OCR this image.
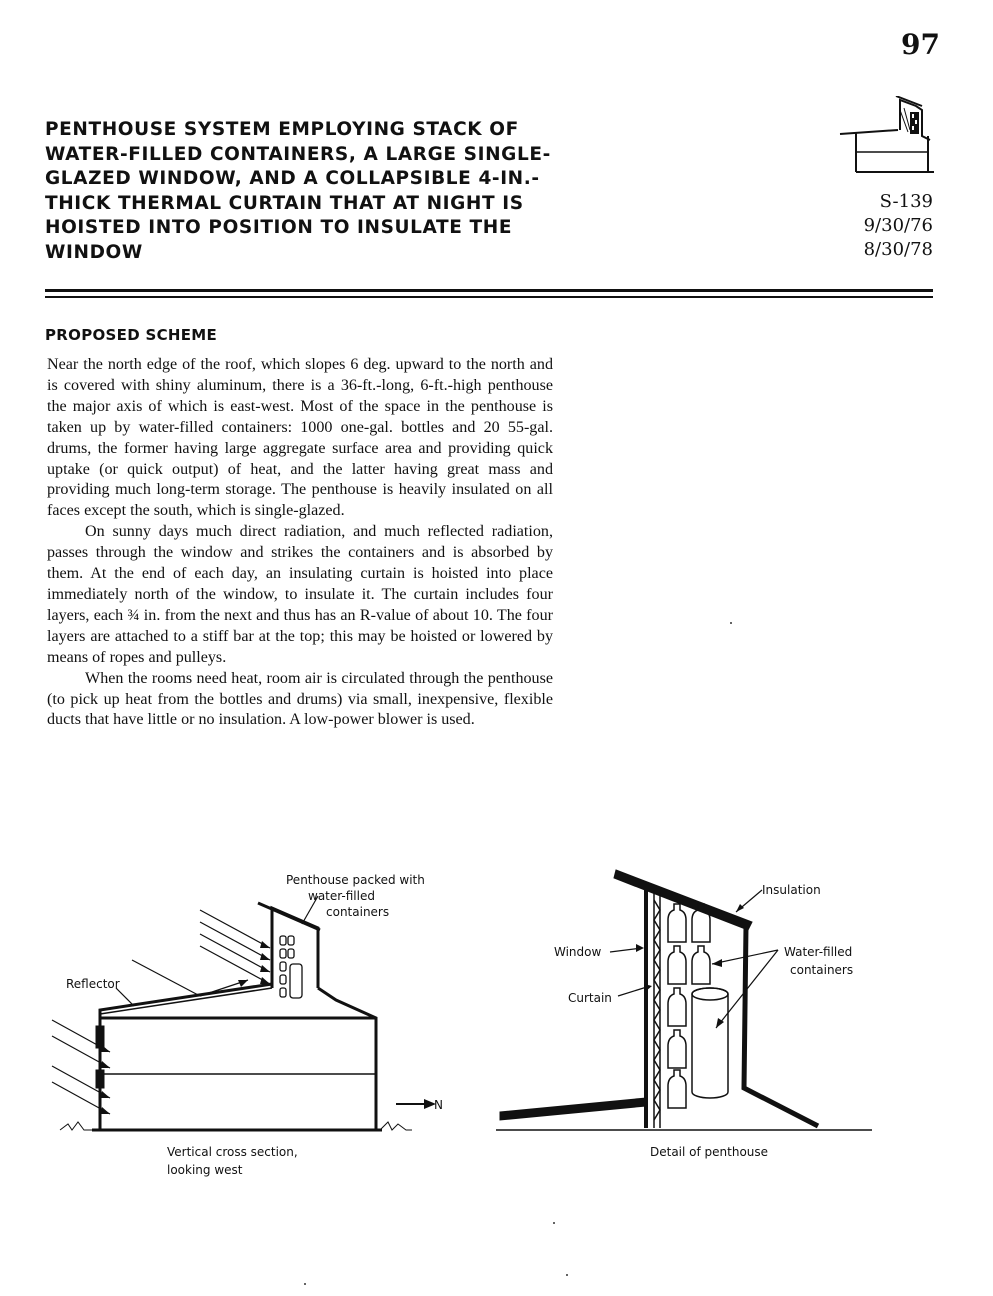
97
PENTHOUSE SYSTEM EMPLOYING STACK OF
WATER-FILLED CONTAINERS, A LARGE SINGLE-
GLAZED WINDOW, AND A COLLAPSIBLE 4-IN.-
THICK THERMAL CURTAIN THAT AT NIGHT IS
HOISTED INTO POSITION TO INSULATE THE
WINDOW
S-139
9/30/76
8/30/78
PROPOSED SCHEME

Near the north edge of the roof, which slopes 6 deg. upward to the north and is covered with shiny aluminum, there is a 36-ft.-long, 6-ft.-high penthouse the major axis of which is east-west. Most of the space in the penthouse is taken up by water-filled containers: 1000 one-gal. bottles and 20 55-gal. drums, the former having large aggregate surface area and providing quick uptake (or quick output) of heat, and the latter having great mass and providing much long-term storage. The penthouse is heavily insulated on all faces except the south, which is single-glazed.

On sunny days much direct radiation, and much reflected radiation, passes through the window and strikes the containers and is absorbed by them. At the end of each day, an insulating curtain is hoisted into place immediately north of the window, to insulate it. The curtain includes four layers, each ¾ in. from the next and thus has an R-value of about 10. The four layers are attached to a stiff bar at the top; this may be hoisted or lowered by means of ropes and pulleys.

When the rooms need heat, room air is circulated through the penthouse (to pick up heat from the bottles and drums) via small, inexpensive, flexible ducts that have little or no insulation. A low-power blower is used.

Penthouse packed with
water-filled
containers
Reflector
N
Vertical cross section,
looking west
Insulation
Window
Curtain
Water-filled
containers
Detail of penthouse
